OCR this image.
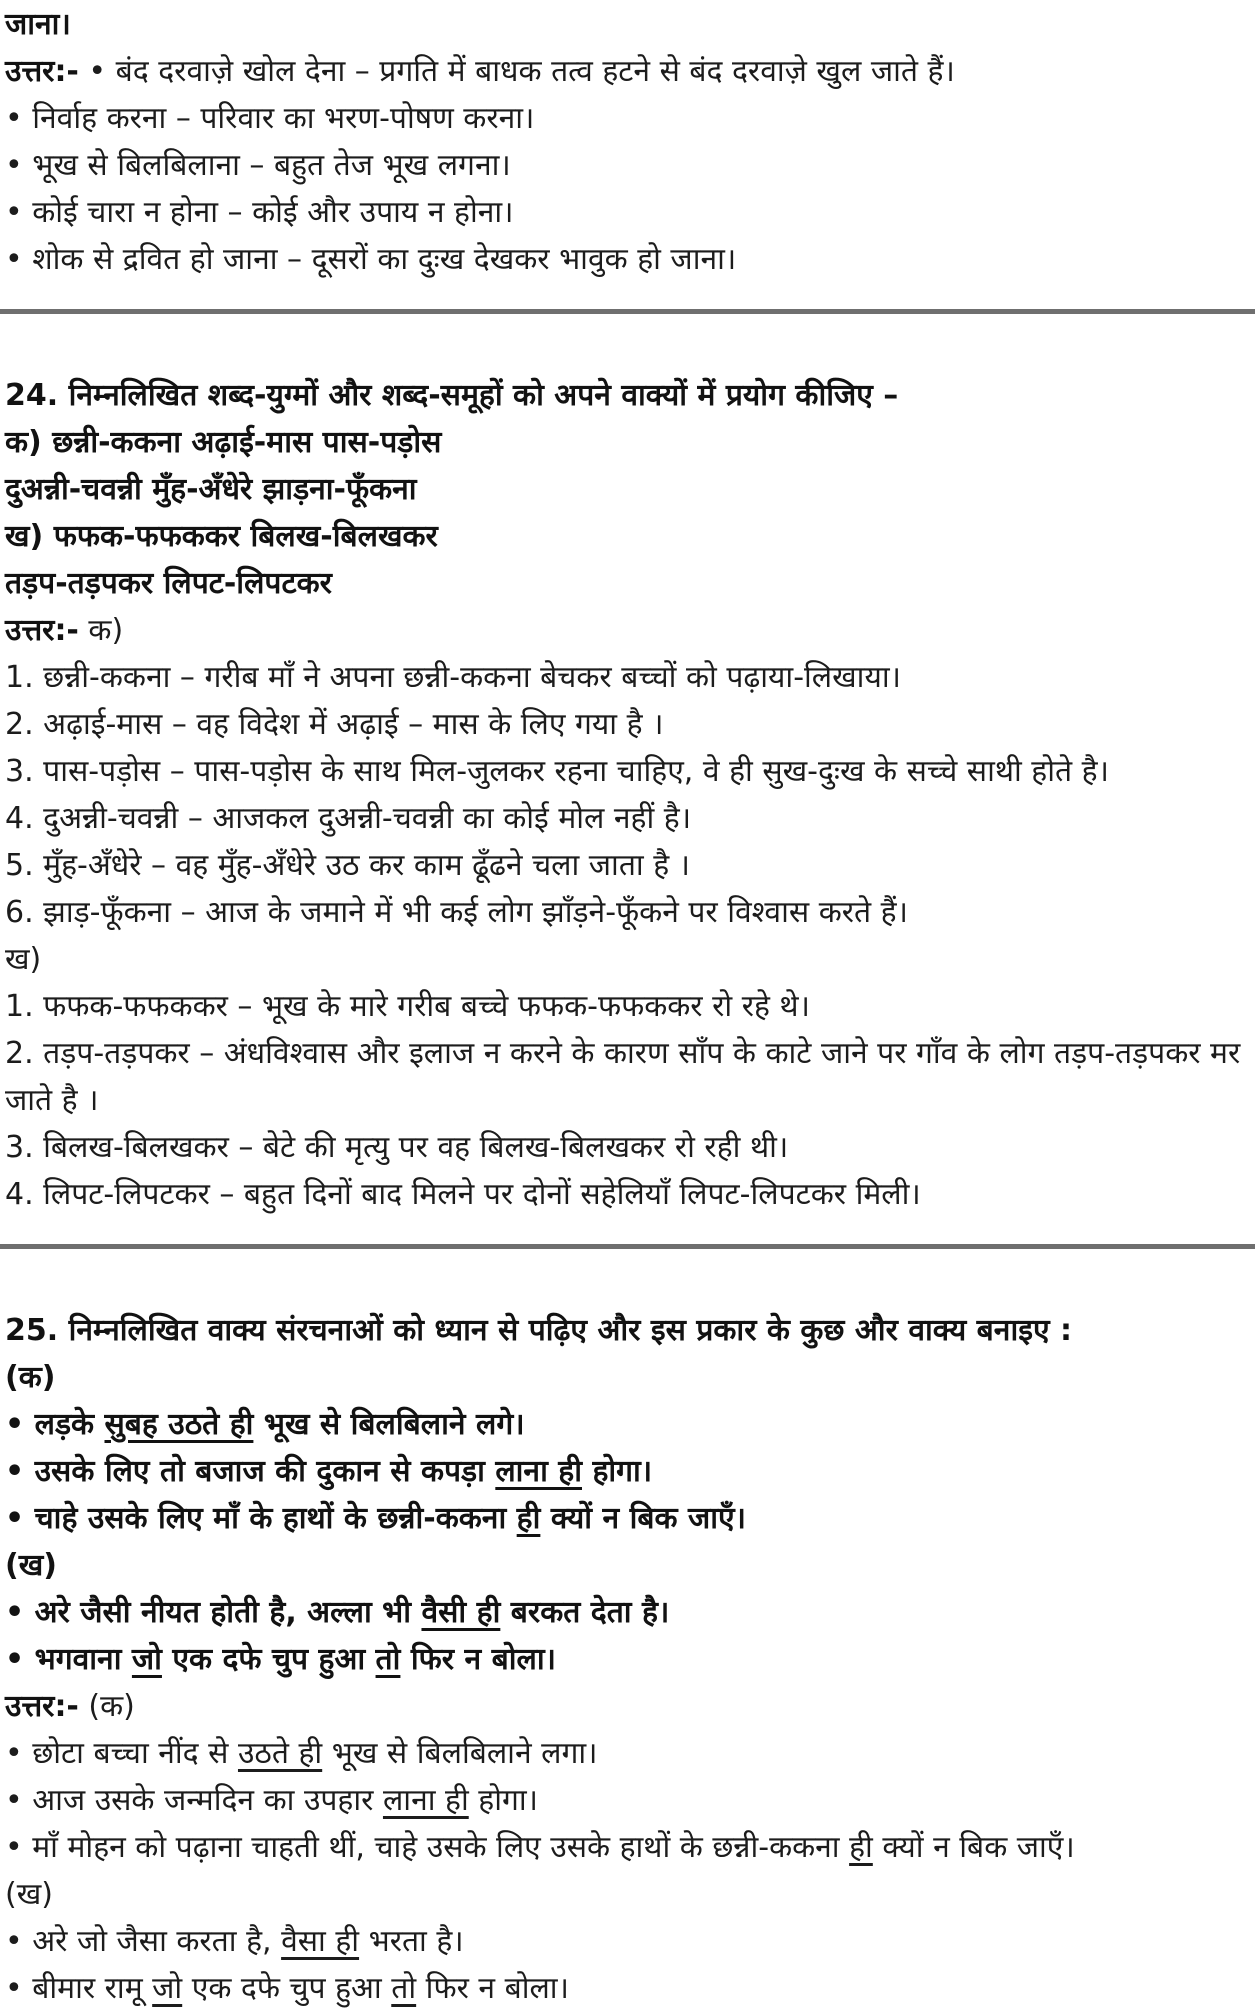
जाना।

उत्तर:- • बंद दरवाज़े खोल देना – प्रगति में बाधक तत्व हटने से बंद दरवाज़े खुल जाते हैं।

• निर्वाह करना – परिवार का भरण-पोषण करना।

• भूख से बिलबिलाना – बहुत तेज भूख लगना।

• कोई चारा न होना – कोई और उपाय न होना।

• शोक से द्रवित हो जाना – दूसरों का दुःख देखकर भावुक हो जाना।

24. निम्नलिखित शब्द-युग्मों और शब्द-समूहों को अपने वाक्यों में प्रयोग कीजिए –

क) छन्नी-ककना अढ़ाई-मास पास-पड़ोस

दुअन्नी-चवन्नी मुँह-अँधेरे झाड़ना-फूँकना

ख) फफक-फफककर बिलख-बिलखकर

तड़प-तड़पकर लिपट-लिपटकर

उत्तर:- क)

1. छन्नी-ककना – गरीब माँ ने अपना छन्नी-ककना बेचकर बच्चों को पढ़ाया-लिखाया।

2. अढ़ाई-मास – वह विदेश में अढ़ाई – मास के लिए गया है ।

3. पास-पड़ोस – पास-पड़ोस के साथ मिल-जुलकर रहना चाहिए, वे ही सुख-दुःख के सच्चे साथी होते है।

4. दुअन्नी-चवन्नी – आजकल दुअन्नी-चवन्नी का कोई मोल नहीं है।

5. मुँह-अँधेरे – वह मुँह-अँधेरे उठ कर काम ढूँढने चला जाता है ।

6. झाड़-फूँकना – आज के जमाने में भी कई लोग झाँड़ने-फूँकने पर विश्वास करते हैं।

ख)

1. फफक-फफककर – भूख के मारे गरीब बच्चे फफक-फफककर रो रहे थे।

2. तड़प-तड़पकर – अंधविश्वास और इलाज न करने के कारण साँप के काटे जाने पर गाँव के लोग तड़प-तड़पकर मर जाते है ।

3. बिलख-बिलखकर – बेटे की मृत्यु पर वह बिलख-बिलखकर रो रही थी।

4. लिपट-लिपटकर – बहुत दिनों बाद मिलने पर दोनों सहेलियाँ लिपट-लिपटकर मिली।

25. निम्नलिखित वाक्य संरचनाओं को ध्यान से पढ़िए और इस प्रकार के कुछ और वाक्य बनाइए :

(क)

• लड़के सुबह उठते ही भूख से बिलबिलाने लगे।

• उसके लिए तो बजाज की दुकान से कपड़ा लाना ही होगा।

• चाहे उसके लिए माँ के हाथों के छन्नी-ककना ही क्यों न बिक जाएँ।

(ख)

• अरे जैसी नीयत होती है, अल्ला भी वैसी ही बरकत देता है।

• भगवाना जो एक दफे चुप हुआ तो फिर न बोला।

उत्तर:- (क)

• छोटा बच्चा नींद से उठते ही भूख से बिलबिलाने लगा।

• आज उसके जन्मदिन का उपहार लाना ही होगा।

• माँ मोहन को पढ़ाना चाहती थीं, चाहे उसके लिए उसके हाथों के छन्नी-ककना ही क्यों न बिक जाएँ।

(ख)

• अरे जो जैसा करता है, वैसा ही भरता है।

• बीमार रामू जो एक दफे चुप हुआ तो फिर न बोला।
